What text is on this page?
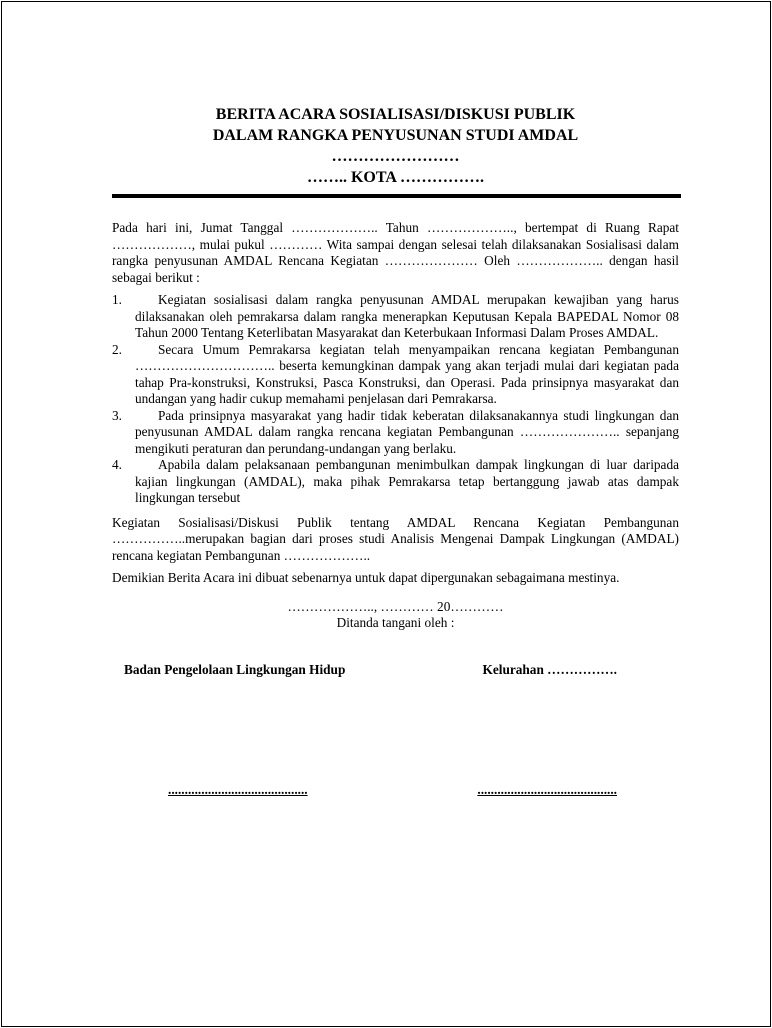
BERITA ACARA SOSIALISASI/DISKUSI PUBLIK
DALAM RANGKA PENYUSUNAN STUDI AMDAL
……………………
…….. KOTA …………….

Pada hari ini, Jumat Tanggal ……………….. Tahun ……………….., bertempat di Ruang Rapat ………………, mulai pukul ………… Wita sampai dengan selesai telah dilaksanakan Sosialisasi dalam rangka penyusunan AMDAL Rencana Kegiatan ………………… Oleh ……………….. dengan hasil sebagai berikut :

1.	Kegiatan sosialisasi dalam rangka penyusunan AMDAL merupakan kewajiban yang harus dilaksanakan oleh pemrakarsa dalam rangka menerapkan Keputusan Kepala BAPEDAL Nomor 08 Tahun 2000 Tentang Keterlibatan Masyarakat dan Keterbukaan Informasi Dalam Proses AMDAL.
2.	Secara Umum Pemrakarsa kegiatan telah menyampaikan rencana kegiatan Pembangunan ………………………….. beserta kemungkinan dampak yang akan terjadi mulai dari kegiatan pada tahap Pra-konstruksi, Konstruksi, Pasca Konstruksi, dan Operasi. Pada prinsipnya masyarakat dan undangan yang hadir cukup memahami penjelasan dari Pemrakarsa.
3.	Pada prinsipnya masyarakat yang hadir tidak keberatan dilaksanakannya studi lingkungan dan penyusunan AMDAL dalam rangka rencana kegiatan Pembangunan ………………….. sepanjang mengikuti peraturan dan perundang-undangan yang berlaku.
4.	Apabila dalam pelaksanaan pembangunan menimbulkan dampak lingkungan di luar daripada kajian lingkungan (AMDAL), maka pihak Pemrakarsa tetap bertanggung jawab atas dampak lingkungan tersebut

Kegiatan Sosialisasi/Diskusi Publik tentang AMDAL Rencana Kegiatan Pembangunan ……………..merupakan bagian dari proses studi Analisis Mengenai Dampak Lingkungan (AMDAL) rencana kegiatan Pembangunan ………………..

Demikian Berita Acara ini dibuat sebenarnya untuk dapat dipergunakan sebagaimana mestinya.

……………….., ………… 20…………
Ditanda tangani oleh :
Badan Pengelolaan Lingkungan Hidup	Kelurahan …………….
..........................................	..........................................
